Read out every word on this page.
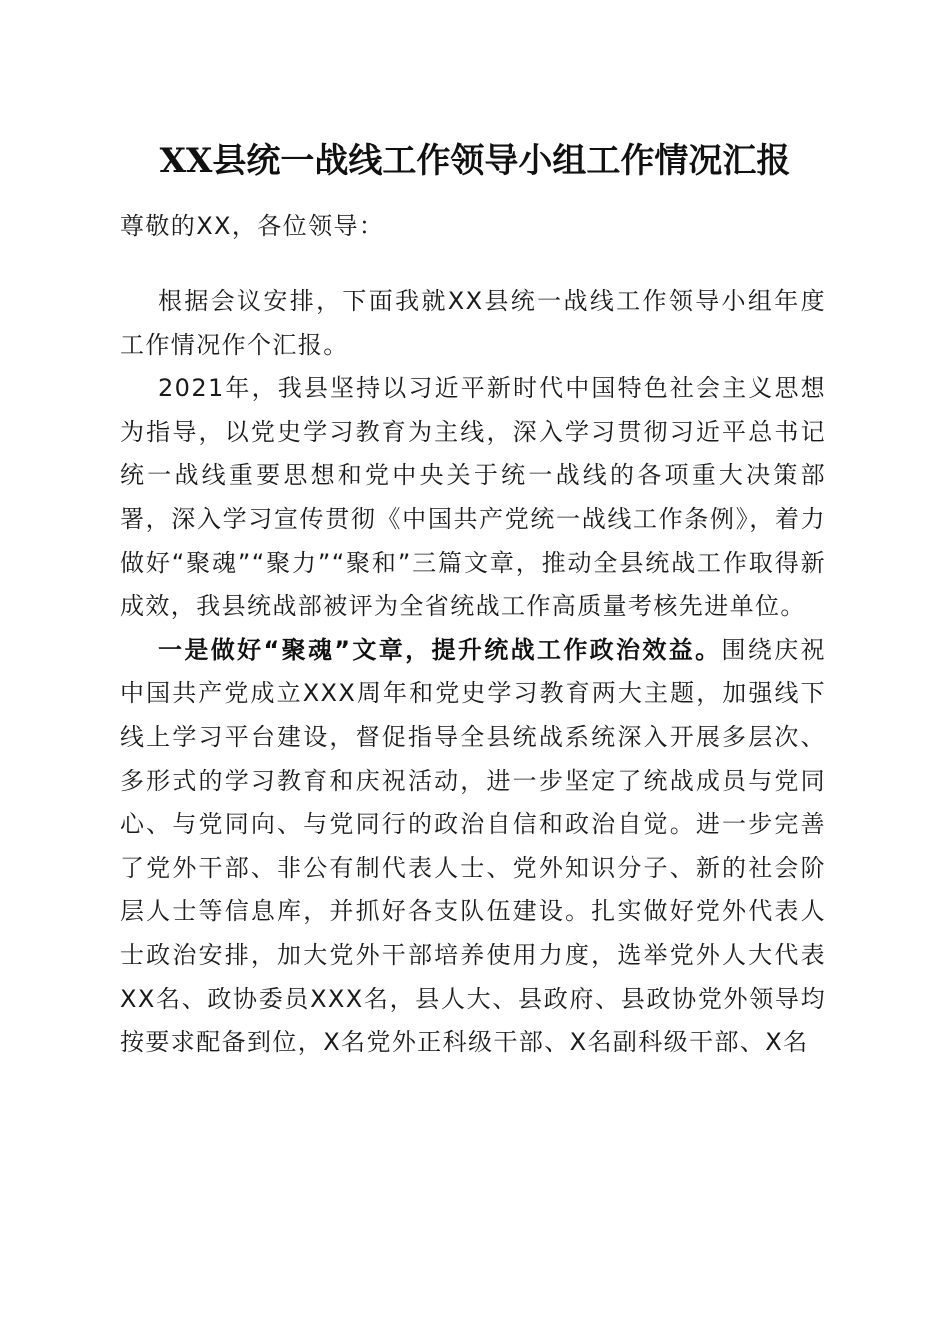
XX县统一战线工作领导小组工作情况汇报
尊敬的XX，各位领导：

根据会议安排，下面我就XX县统一战线工作领导小组年度工作情况作个汇报。

2021年，我县坚持以习近平新时代中国特色社会主义思想为指导，以党史学习教育为主线，深入学习贯彻习近平总书记统一战线重要思想和党中央关于统一战线的各项重大决策部署，深入学习宣传贯彻《中国共产党统一战线工作条例》，着力做好“聚魂”“聚力”“聚和”三篇文章，推动全县统战工作取得新成效，我县统战部被评为全省统战工作高质量考核先进单位。

一是做好“聚魂”文章，提升统战工作政治效益。围绕庆祝中国共产党成立XXX周年和党史学习教育两大主题，加强线下线上学习平台建设，督促指导全县统战系统深入开展多层次、多形式的学习教育和庆祝活动，进一步坚定了统战成员与党同心、与党同向、与党同行的政治自信和政治自觉。进一步完善了党外干部、非公有制代表人士、党外知识分子、新的社会阶层人士等信息库，并抓好各支队伍建设。扎实做好党外代表人士政治安排，加大党外干部培养使用力度，选举党外人大代表XX名、政协委员XXX名，县人大、县政府、县政协党外领导均按要求配备到位，X名党外正科级干部、X名副科级干部、X名
